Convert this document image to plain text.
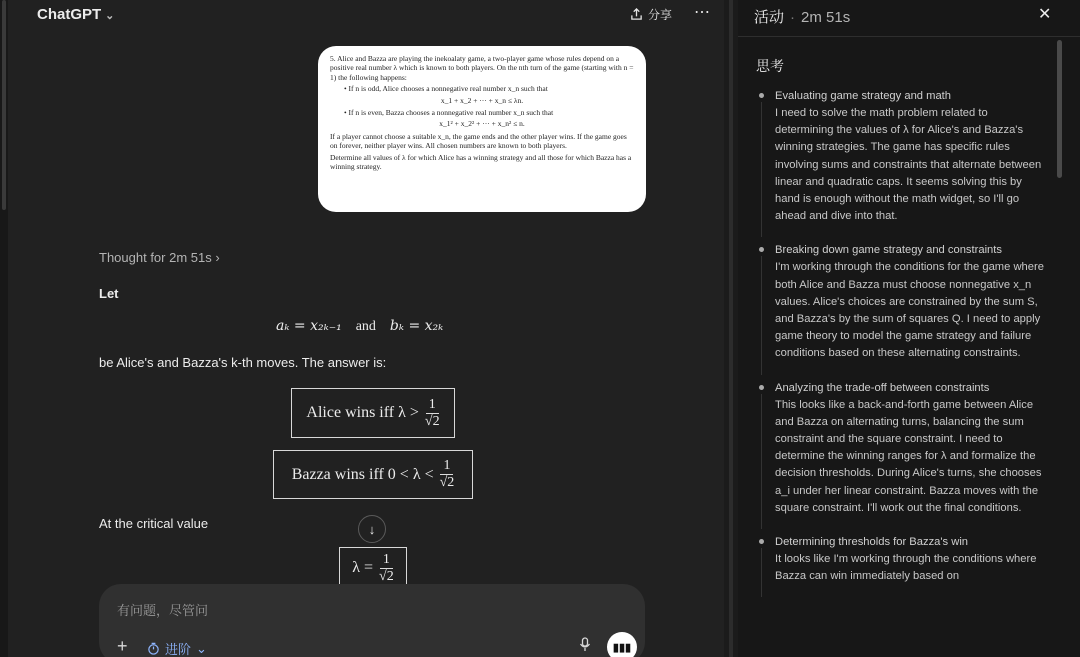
ChatGPT ⌄	分享 ⋯

5. Alice and Bazza are playing the inekoalaty game, a two-player game whose rules depend on a positive real number λ which is known to both players. On the nth turn of the game (starting with n = 1) the following happens:

• If n is odd, Alice chooses a nonnegative real number x_n such that

x_1 + x_2 + ··· + x_n ≤ λn.

• If n is even, Bazza chooses a nonnegative real number x_n such that

x_1² + x_2² + ··· + x_n² ≤ n.

If a player cannot choose a suitable x_n, the game ends and the other player wins. If the game goes on forever, neither player wins. All chosen numbers are known to both players.

Determine all values of λ for which Alice has a winning strategy and all those for which Bazza has a winning strategy.

Thought for 2m 51s ›
Let
aₖ = x₂ₖ₋₁ and bₖ = x₂ₖ
be Alice's and Bazza's k-th moves. The answer is:
Alice wins iff $\lambda > \frac{1}{√2}$
Bazza wins iff $0 < \lambda < \frac{1}{√2}$
At the critical value	↓
$\lambda = \frac{1}{√2}$
有问题，尽管问
+	进阶 ⌄	▮▮▮
活动 · 2m 51s	✕
思考
Evaluating game strategy and math
I need to solve the math problem related to determining the values of λ for Alice's and Bazza's winning strategies. The game has specific rules involving sums and constraints that alternate between linear and quadratic caps. It seems solving this by hand is enough without the math widget, so I'll go ahead and dive into that.
Breaking down game strategy and constraints
I'm working through the conditions for the game where both Alice and Bazza must choose nonnegative x_n values. Alice's choices are constrained by the sum S, and Bazza's by the sum of squares Q. I need to apply game theory to model the game strategy and failure conditions based on these alternating constraints.
Analyzing the trade-off between constraints
This looks like a back-and-forth game between Alice and Bazza on alternating turns, balancing the sum constraint and the square constraint. I need to determine the winning ranges for λ and formalize the decision thresholds. During Alice's turns, she chooses a_i under her linear constraint. Bazza moves with the square constraint. I'll work out the final conditions.
Determining thresholds for Bazza's win
It looks like I'm working through the conditions where Bazza can win immediately based on
